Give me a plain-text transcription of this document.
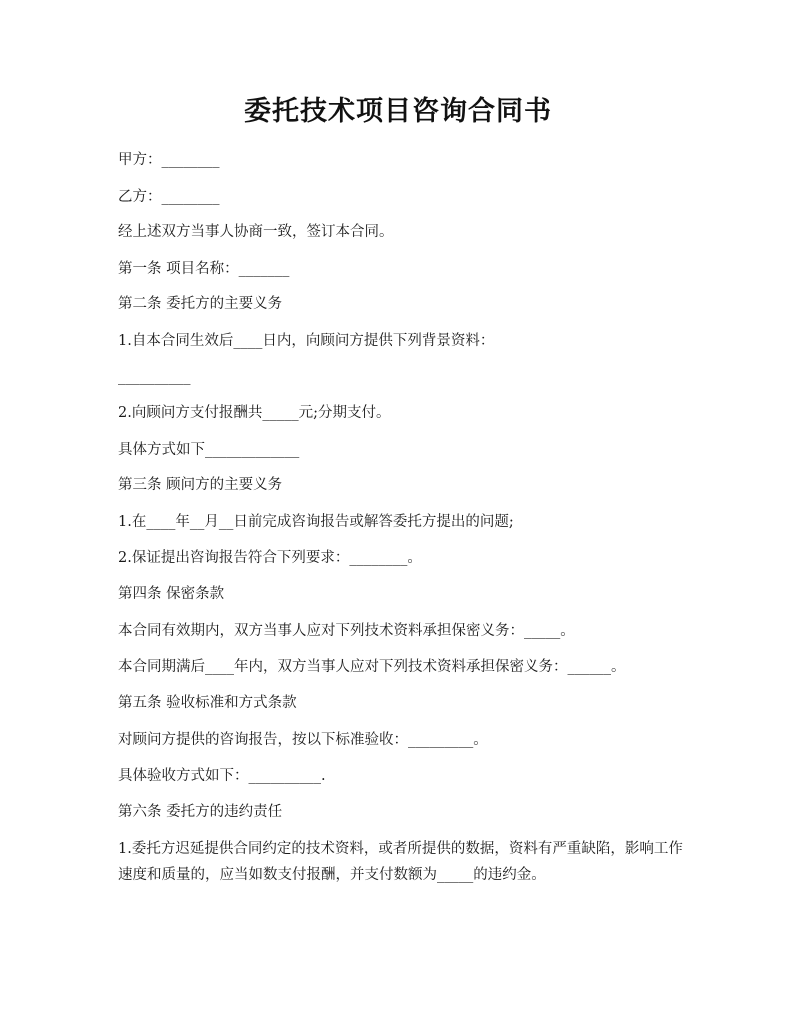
委托技术项目咨询合同书

甲方：________

乙方：________

经上述双方当事人协商一致，签订本合同。

第一条 项目名称：_______

第二条 委托方的主要义务

1.自本合同生效后____日内，向顾问方提供下列背景资料：

__________

2.向顾问方支付报酬共_____元;分期支付。

具体方式如下_____________

第三条 顾问方的主要义务

1.在____年__月__日前完成咨询报告或解答委托方提出的问题;

2.保证提出咨询报告符合下列要求：________。

第四条 保密条款

本合同有效期内，双方当事人应对下列技术资料承担保密义务：_____。

本合同期满后____年内，双方当事人应对下列技术资料承担保密义务：______。

第五条 验收标准和方式条款

对顾问方提供的咨询报告，按以下标准验收：_________。

具体验收方式如下：__________.

第六条 委托方的违约责任

1.委托方迟延提供合同约定的技术资料，或者所提供的数据，资料有严重缺陷，影响工作速度和质量的，应当如数支付报酬，并支付数额为_____的违约金。
